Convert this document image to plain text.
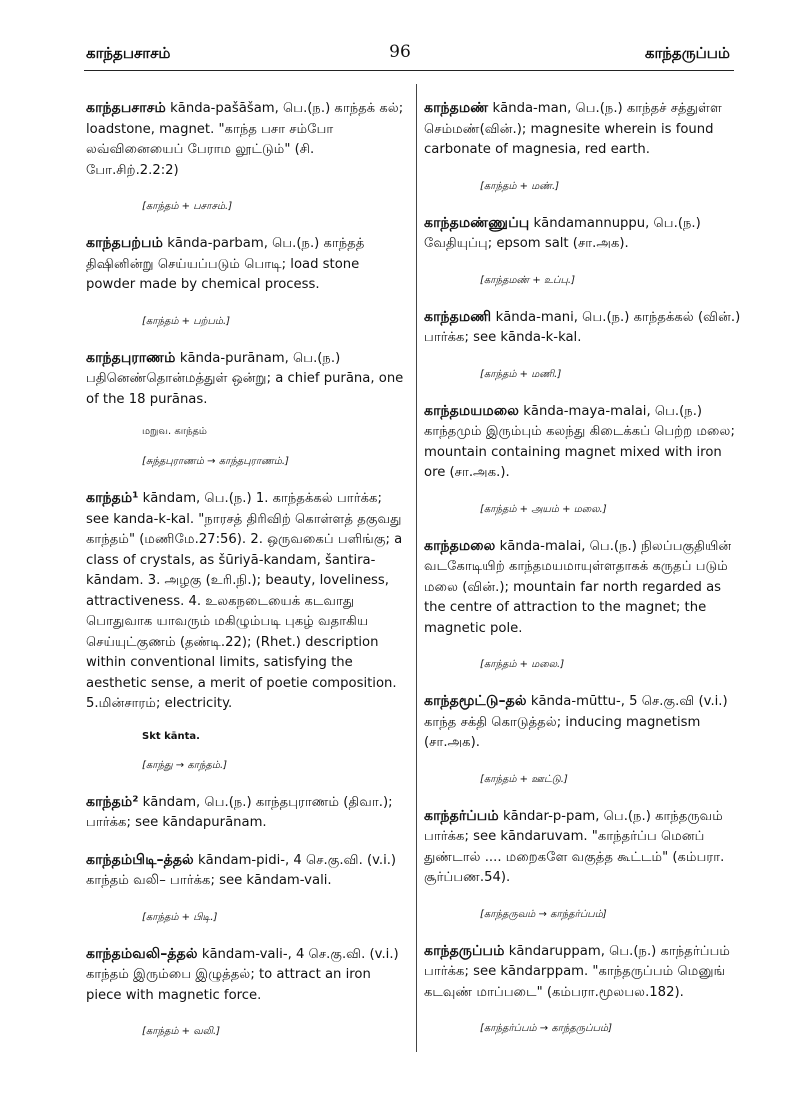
காந்தபசாசம்	96	காந்தருப்பம்
காந்தபசாசம் kānda-pašāšam, பெ.(ந.) காந்தக் கல்; loadstone, magnet. "காந்த பசா சம்போ லவ்வினையைப் பேராம லூட்டும்" (சி. போ.சிற்.2.2:2)
[காந்தம் + பசாசம்.]
காந்தபற்பம் kānda-parbam, பெ.(ந.) காந்தத் திஷினின்று செய்யப்படும் பொடி; load stone powder made by chemical process.
[காந்தம் + பற்பம்.]
காந்தபுராணம் kānda-purānam, பெ.(ந.) பதினெண்தொன்மத்துள் ஒன்று; a chief purāna, one of the 18 purānas.
மறுவ. காந்தம்
[சுந்தபுராணம் → காந்தபுராணம்.]
காந்தம்¹ kāndam, பெ.(ந.) 1. காந்தக்கல் பார்க்க; see kanda-k-kal. "நாரசத் திரிவிற் கொள்ளத் தகுவது காந்தம்" (மணிமே.27:56). 2. ஒருவகைப் பளிங்கு; a class of crystals, as šūriyā-kandam, šantira-kāndam. 3. அழகு (உரி.நி.); beauty, loveliness, attractiveness. 4. உலகநடையைக் கடவாது பொதுவாக யாவரும் மகிழும்படி புகழ் வதாகிய செய்யுட்குணம் (தண்டி.22); (Rhet.) description within conventional limits, satisfying the aesthetic sense, a merit of poetie composition. 5.மின்சாரம்; electricity.
Skt kānta.
[காந்து → காந்தம்.]
காந்தம்² kāndam, பெ.(ந.) காந்தபுராணம் (திவா.); பார்க்க; see kāndapurānam.
காந்தம்பிடி–த்தல் kāndam-pidi-, 4 செ.கு.வி. (v.i.) காந்தம் வலி– பார்க்க; see kāndam-vali.
[காந்தம் + பிடி.]
காந்தம்வலி–த்தல் kāndam-vali-, 4 செ.கு.வி. (v.i.) காந்தம் இரும்பை இழுத்தல்; to attract an iron piece with magnetic force.
[காந்தம் + வலி.]
காந்தமண் kānda-man, பெ.(ந.) காந்தச் சத்துள்ள செம்மண்(வின்.); magnesite wherein is found carbonate of magnesia, red earth.
[காந்தம் + மண்.]
காந்தமண்ணுப்பு kāndamannuppu, பெ.(ந.) வேதியுப்பு; epsom salt (சா.அக).
[காந்தமண் + உப்பு.]
காந்தமணி kānda-mani, பெ.(ந.) காந்தக்கல் (வின்.) பார்க்க; see kānda-k-kal.
[காந்தம் + மணி.]
காந்தமயமலை kānda-maya-malai, பெ.(ந.) காந்தமும் இரும்பும் கலந்து கிடைக்கப் பெற்ற மலை; mountain containing magnet mixed with iron ore (சா.அக.).
[காந்தம் + அயம் + மலை.]
காந்தமலை kānda-malai, பெ.(ந.) நிலப்பகுதியின் வடகோடியிற் காந்தமயமாயுள்ளதாகக் கருதப் படும் மலை (வின்.); mountain far north regarded as the centre of attraction to the magnet; the magnetic pole.
[காந்தம் + மலை.]
காந்தமூட்டு–தல் kānda-mūttu-, 5 செ.கு.வி (v.i.) காந்த சக்தி கொடுத்தல்; inducing magnetism (சா.அக).
[காந்தம் + ஊட்டு.]
காந்தர்ப்பம் kāndar-p-pam, பெ.(ந.) காந்தருவம் பார்க்க; see kāndaruvam. "காந்தர்ப்ப மெனப் துண்டால் .... மறைகளே வகுத்த கூட்டம்" (கம்பரா. சூர்ப்பண.54).
[காந்தருவம் → காந்தர்ப்பம்]
காந்தருப்பம் kāndaruppam, பெ.(ந.) காந்தர்ப்பம் பார்க்க; see kāndarppam. "காந்தருப்பம் மெனுங் கடவுண் மாப்படை" (கம்பரா.மூலபல.182).
[காந்தர்ப்பம் → காந்தருப்பம்]
